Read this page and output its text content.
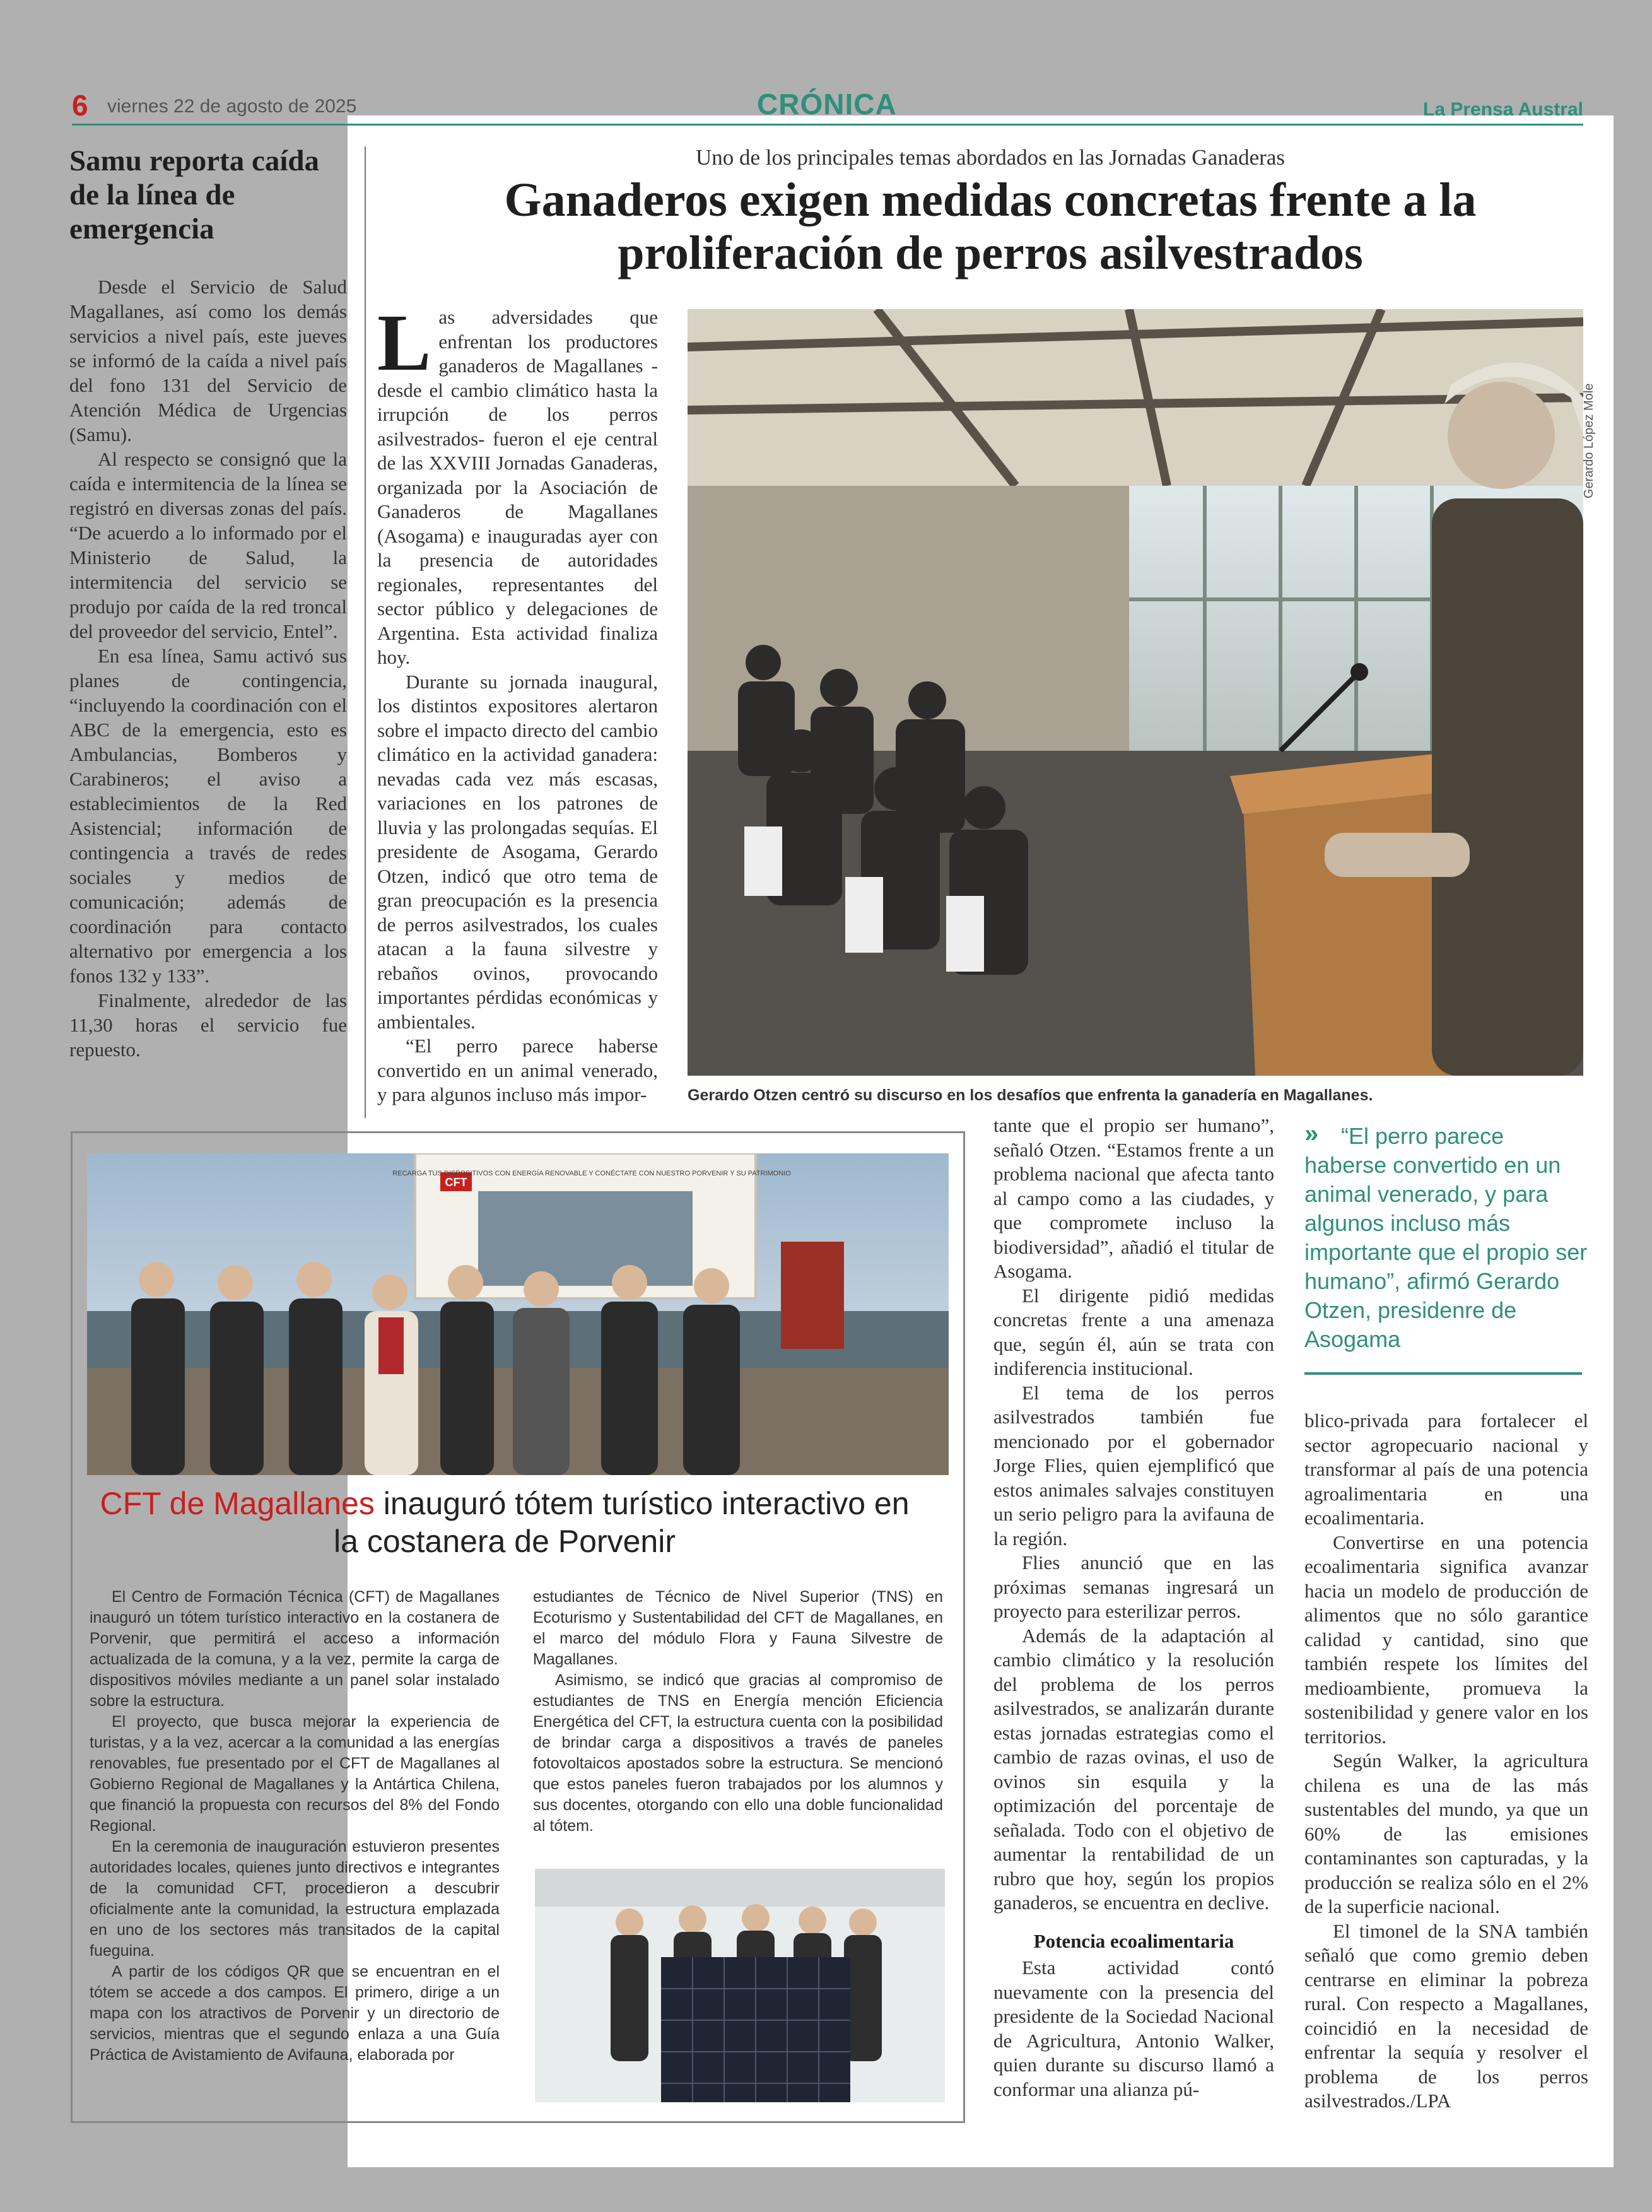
6 viernes 22 de agosto de 2025	CRÓNICA	La Prensa Austral
Samu reporta caída de la línea de emergencia

Desde el Servicio de Salud Magallanes, así como los demás servicios a nivel país, este jueves se informó de la caída a nivel país del fono 131 del Servicio de Atención Médica de Urgencias (Samu).

Al respecto se consignó que la caída e intermitencia de la línea se registró en diversas zonas del país. “De acuerdo a lo informado por el Ministerio de Salud, la intermitencia del servicio se produjo por caída de la red troncal del proveedor del servicio, Entel”.

En esa línea, Samu activó sus planes de contingencia, “incluyendo la coordinación con el ABC de la emergencia, esto es Ambulancias, Bomberos y Carabineros; el aviso a establecimientos de la Red Asistencial; información de contingencia a través de redes sociales y medios de comunicación; además de coordinación para contacto alternativo por emergencia a los fonos 132 y 133”.

Finalmente, alrededor de las 11,30 horas el servicio fue repuesto.

Uno de los principales temas abordados en las Jornadas Ganaderas
Ganaderos exigen medidas concretas frente a la proliferación de perros asilvestrados
L as adversidades que enfrentan los productores ganaderos de Magallanes -desde el cambio climático hasta la irrupción de los perros asilvestrados- fueron el eje central de las XXVIII Jornadas Ganaderas, organizada por la Asociación de Ganaderos de Magallanes (Asogama) e inauguradas ayer con la presencia de autoridades regionales, representantes del sector público y delegaciones de Argentina. Esta actividad finaliza hoy.

Durante su jornada inaugural, los distintos expositores alertaron sobre el impacto directo del cambio climático en la actividad ganadera: nevadas cada vez más escasas, variaciones en los patrones de lluvia y las prolongadas sequías. El presidente de Asogama, Gerardo Otzen, indicó que otro tema de gran preocupación es la presencia de perros asilvestrados, los cuales atacan a la fauna silvestre y rebaños ovinos, provocando importantes pérdidas económicas y ambientales.

“El perro parece haberse convertido en un animal venerado, y para algunos incluso más impor-

Gerardo López Mole
Gerardo Otzen centró su discurso en los desafíos que enfrenta la ganadería en Magallanes.

tante que el propio ser humano”, señaló Otzen. “Estamos frente a un problema nacional que afecta tanto al campo como a las ciudades, y que compromete incluso la biodiversidad”, añadió el titular de Asogama.

El dirigente pidió medidas concretas frente a una amenaza que, según él, aún se trata con indiferencia institucional.

El tema de los perros asilvestrados también fue mencionado por el gobernador Jorge Flies, quien ejemplificó que estos animales salvajes constituyen un serio peligro para la avifauna de la región.

Flies anunció que en las próximas semanas ingresará un proyecto para esterilizar perros.

Además de la adaptación al cambio climático y la resolución del problema de los perros asilvestrados, se analizarán durante estas jornadas estrategias como el cambio de razas ovinas, el uso de ovinos sin esquila y la optimización del porcentaje de señalada. Todo con el objetivo de aumentar la rentabilidad de un rubro que hoy, según los propios ganaderos, se encuentra en declive.

Potencia ecoalimentaria

Esta actividad contó nuevamente con la presencia del presidente de la Sociedad Nacional de Agricultura, Antonio Walker, quien durante su discurso llamó a conformar una alianza pú-

» “El perro parece haberse convertido en un animal venerado, y para algunos incluso más importante que el propio ser humano”, afirmó Gerardo Otzen, presidenre de Asogama

blico-privada para fortalecer el sector agropecuario nacional y transformar al país de una potencia agroalimentaria en una ecoalimentaria.

Convertirse en una potencia ecoalimentaria significa avanzar hacia un modelo de producción de alimentos que no sólo garantice calidad y cantidad, sino que también respete los límites del medioambiente, promueva la sostenibilidad y genere valor en los territorios.

Según Walker, la agricultura chilena es una de las más sustentables del mundo, ya que un 60% de las emisiones contaminantes son capturadas, y la producción se realiza sólo en el 2% de la superficie nacional.

El timonel de la SNA también señaló que como gremio deben centrarse en eliminar la pobreza rural. Con respecto a Magallanes, coincidió en la necesidad de enfrentar la sequía y resolver el problema de los perros asilvestrados./LPA

CFT
RECARGA TUS DISPOSITIVOS CON ENERGÍA RENOVABLE Y CONÉCTATE CON NUESTRO PORVENIR Y SU PATRIMONIO
CFT de Magallanes inauguró tótem turístico interactivo en la costanera de Porvenir

El Centro de Formación Técnica (CFT) de Magallanes inauguró un tótem turístico interactivo en la costanera de Porvenir, que permitirá el acceso a información actualizada de la comuna, y a la vez, permite la carga de dispositivos móviles mediante a un panel solar instalado sobre la estructura.

El proyecto, que busca mejorar la experiencia de turistas, y a la vez, acercar a la comunidad a las energías renovables, fue presentado por el CFT de Magallanes al Gobierno Regional de Magallanes y la Antártica Chilena, que financió la propuesta con recursos del 8% del Fondo Regional.

En la ceremonia de inauguración estuvieron presentes autoridades locales, quienes junto directivos e integrantes de la comunidad CFT, procedieron a descubrir oficialmente ante la comunidad, la estructura emplazada en uno de los sectores más transitados de la capital fueguina.

A partir de los códigos QR que se encuentran en el tótem se accede a dos campos. El primero, dirige a un mapa con los atractivos de Porvenir y un directorio de servicios, mientras que el segundo enlaza a una Guía Práctica de Avistamiento de Avifauna, elaborada por

estudiantes de Técnico de Nivel Superior (TNS) en Ecoturismo y Sustentabilidad del CFT de Magallanes, en el marco del módulo Flora y Fauna Silvestre de Magallanes.

Asimismo, se indicó que gracias al compromiso de estudiantes de TNS en Energía mención Eficiencia Energética del CFT, la estructura cuenta con la posibilidad de brindar carga a dispositivos a través de paneles fotovoltaicos apostados sobre la estructura. Se mencionó que estos paneles fueron trabajados por los alumnos y sus docentes, otorgando con ello una doble funcionalidad al tótem.
